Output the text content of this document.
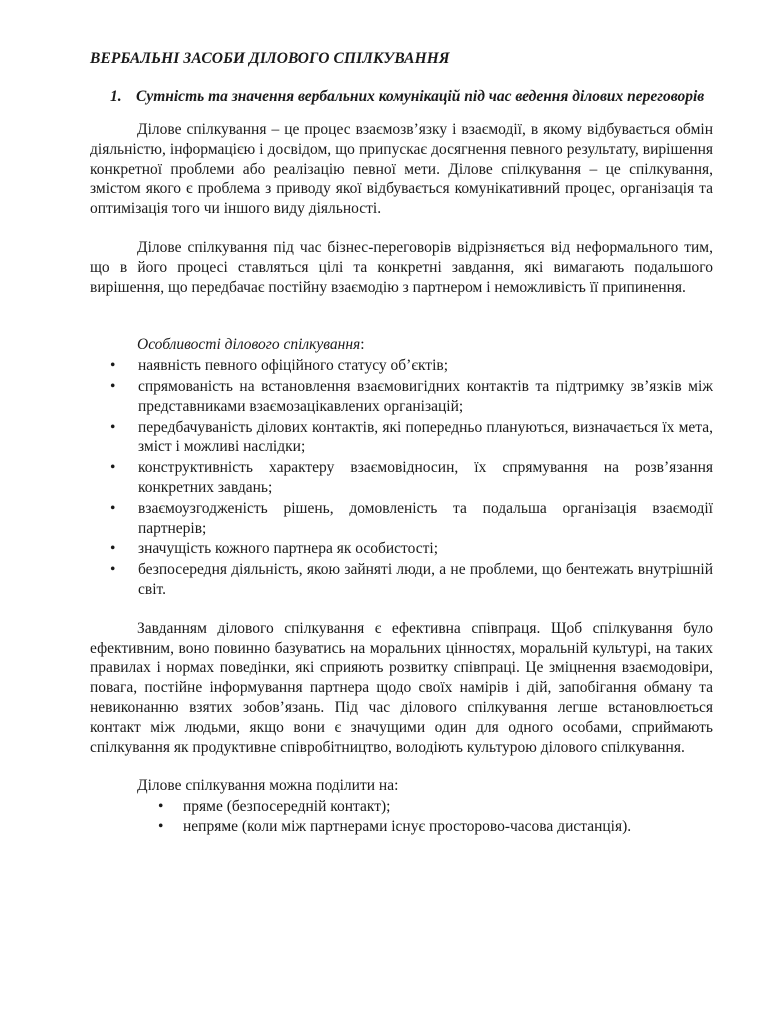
ВЕРБАЛЬНІ ЗАСОБИ ДІЛОВОГО СПІЛКУВАННЯ
1. Сутність та значення вербальних комунікацій під час ведення ділових переговорів

Ділове спілкування – це процес взаємозв’язку і взаємодії, в якому відбувається обмін діяльністю, інформацією і досвідом, що припускає досягнення певного результату, вирішення конкретної проблеми або реалізацію певної мети. Ділове спілкування – це спілкування, змістом якого є проблема з приводу якої відбувається комунікативний процес, організація та оптимізація того чи іншого виду діяльності.

Ділове спілкування під час бізнес-переговорів відрізняється від неформального тим, що в його процесі ставляться цілі та конкретні завдання, які вимагають подальшого вирішення, що передбачає постійну взаємодію з партнером і неможливість її припинення.

Особливості ділового спілкування:
• наявність певного офіційного статусу об’єктів;
• спрямованість на встановлення взаємовигідних контактів та підтримку зв’язків між представниками взаємозацікавлених організацій;
• передбачуваність ділових контактів, які попередньо плануються, визначається їх мета, зміст і можливі наслідки;
• конструктивність характеру взаємовідносин, їх спрямування на розв’язання конкретних завдань;
• взаємоузгодженість рішень, домовленість та подальша організація взаємодії партнерів;
• значущість кожного партнера як особистості;
• безпосередня діяльність, якою зайняті люди, а не проблеми, що бентежать внутрішній світ.

Завданням ділового спілкування є ефективна співпраця. Щоб спілкування було ефективним, воно повинно базуватись на моральних цінностях, моральній культурі, на таких правилах і нормах поведінки, які сприяють розвитку співпраці. Це зміцнення взаємодовіри, повага, постійне інформування партнера щодо своїх намірів і дій, запобігання обману та невиконанню взятих зобов’язань. Під час ділового спілкування легше встановлюється контакт між людьми, якщо вони є значущими один для одного особами, сприймають спілкування як продуктивне співробітництво, володіють культурою ділового спілкування.

Ділове спілкування можна поділити на:
• пряме (безпосередній контакт);
• непряме (коли між партнерами існує просторово-часова дистанція).
